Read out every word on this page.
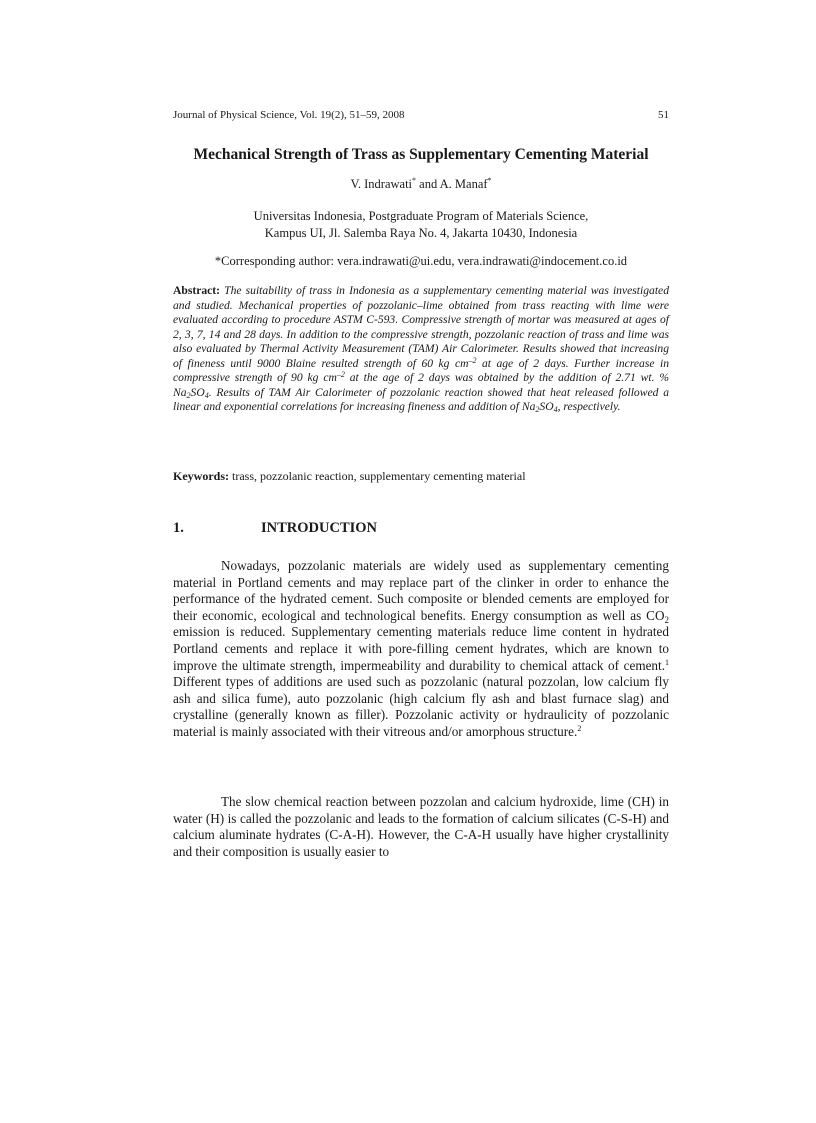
Journal of Physical Science, Vol. 19(2), 51–59, 2008	51
Mechanical Strength of Trass as Supplementary Cementing Material
V. Indrawati* and A. Manaf*
Universitas Indonesia, Postgraduate Program of Materials Science,
Kampus UI, Jl. Salemba Raya No. 4, Jakarta 10430, Indonesia
*Corresponding author: vera.indrawati@ui.edu, vera.indrawati@indocement.co.id
Abstract: The suitability of trass in Indonesia as a supplementary cementing material was investigated and studied. Mechanical properties of pozzolanic–lime obtained from trass reacting with lime were evaluated according to procedure ASTM C-593. Compressive strength of mortar was measured at ages of 2, 3, 7, 14 and 28 days. In addition to the compressive strength, pozzolanic reaction of trass and lime was also evaluated by Thermal Activity Measurement (TAM) Air Calorimeter. Results showed that increasing of fineness until 9000 Blaine resulted strength of 60 kg $cm^{-2}$ at age of 2 days. Further increase in compressive strength of 90 kg $cm^{-2}$ at the age of 2 days was obtained by the addition of 2.71 wt. % $Na_2SO_4$. Results of TAM Air Calorimeter of pozzolanic reaction showed that heat released followed a linear and exponential correlations for increasing fineness and addition of $Na_2SO_4$, respectively.
Keywords: trass, pozzolanic reaction, supplementary cementing material
1.	INTRODUCTION
Nowadays, pozzolanic materials are widely used as supplementary cementing material in Portland cements and may replace part of the clinker in order to enhance the performance of the hydrated cement. Such composite or blended cements are employed for their economic, ecological and technological benefits. Energy consumption as well as $CO_2$ emission is reduced. Supplementary cementing materials reduce lime content in hydrated Portland cements and replace it with pore-filling cement hydrates, which are known to improve the ultimate strength, impermeability and durability to chemical attack of cement.$^1$ Different types of additions are used such as pozzolanic (natural pozzolan, low calcium fly ash and silica fume), auto pozzolanic (high calcium fly ash and blast furnace slag) and crystalline (generally known as filler). Pozzolanic activity or hydraulicity of pozzolanic material is mainly associated with their vitreous and/or amorphous structure.$^2$
The slow chemical reaction between pozzolan and calcium hydroxide, lime (CH) in water (H) is called the pozzolanic and leads to the formation of calcium silicates (C-S-H) and calcium aluminate hydrates (C-A-H). However, the C-A-H usually have higher crystallinity and their composition is usually easier to
